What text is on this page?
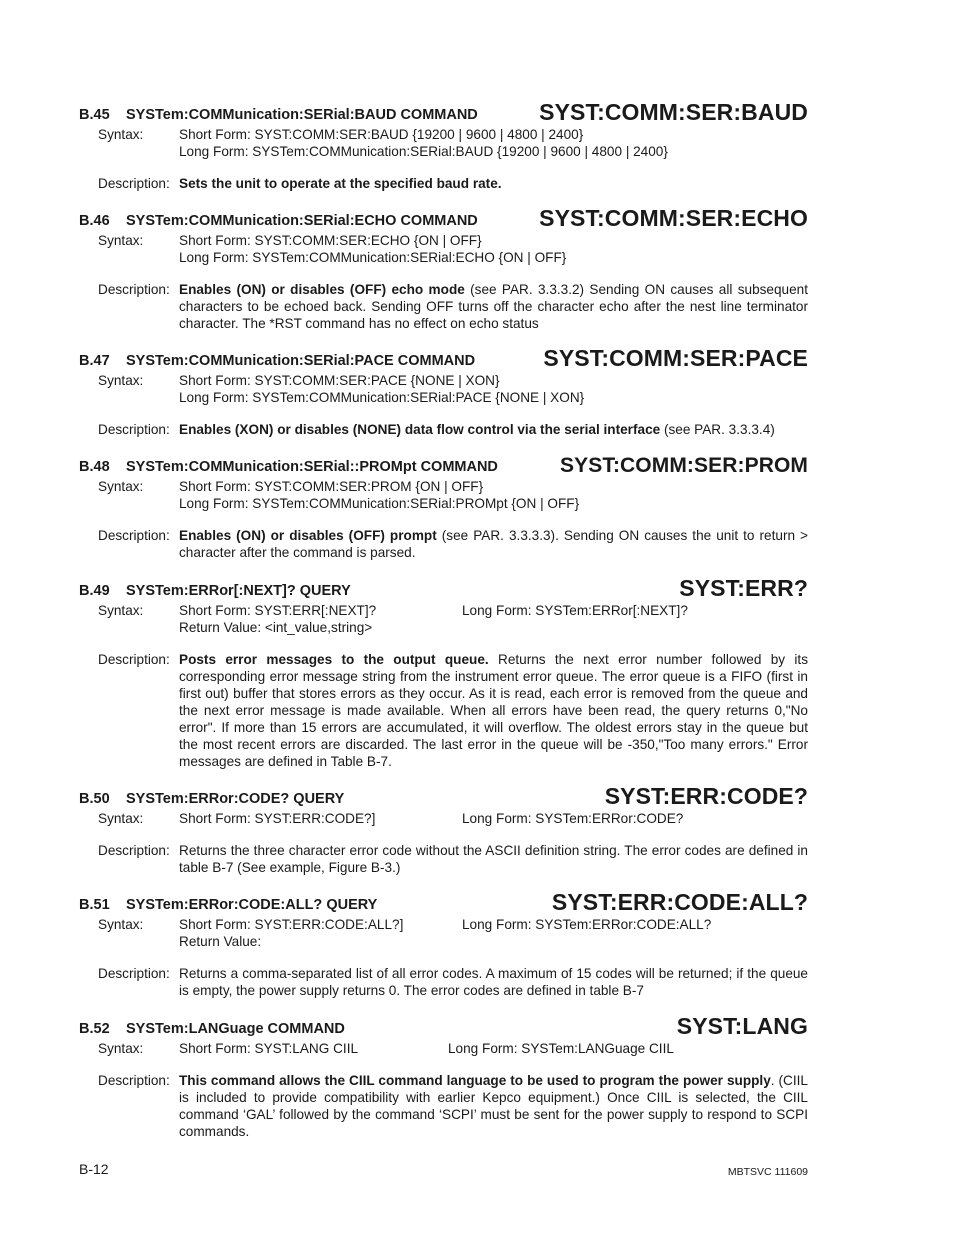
B.45 SYSTem:COMMunication:SERial:BAUD COMMAND	SYST:COMM:SER:BAUD
Syntax:	Short Form: SYST:COMM:SER:BAUD {19200 | 9600 | 4800 | 2400}
Long Form: SYSTem:COMMunication:SERial:BAUD {19200 | 9600 | 4800 | 2400}
Description: Sets the unit to operate at the specified baud rate.
B.46 SYSTem:COMMunication:SERial:ECHO COMMAND	SYST:COMM:SER:ECHO
Syntax:	Short Form: SYST:COMM:SER:ECHO {ON | OFF}
Long Form: SYSTem:COMMunication:SERial:ECHO {ON | OFF}
Description: Enables (ON) or disables (OFF) echo mode (see PAR. 3.3.3.2) Sending ON causes all subsequent characters to be echoed back. Sending OFF turns off the character echo after the nest line terminator character. The *RST command has no effect on echo status
B.47 SYSTem:COMMunication:SERial:PACE COMMAND	SYST:COMM:SER:PACE
Syntax:	Short Form: SYST:COMM:SER:PACE {NONE | XON}
Long Form: SYSTem:COMMunication:SERial:PACE {NONE | XON}
Description: Enables (XON) or disables (NONE) data flow control via the serial interface (see PAR. 3.3.3.4)
B.48 SYSTem:COMMunication:SERial::PROMpt COMMAND	SYST:COMM:SER:PROM
Syntax:	Short Form: SYST:COMM:SER:PROM {ON | OFF}
Long Form: SYSTem:COMMunication:SERial:PROMpt {ON | OFF}
Description: Enables (ON) or disables (OFF) prompt (see PAR. 3.3.3.3). Sending ON causes the unit to return > character after the command is parsed.
B.49 SYSTem:ERRor[:NEXT]? QUERY	SYST:ERR?
Syntax:	Short Form: SYST:ERR[:NEXT]?	Long Form: SYSTem:ERRor[:NEXT]?
Return Value: <int_value,string>
Description: Posts error messages to the output queue. Returns the next error number followed by its corresponding error message string from the instrument error queue. The error queue is a FIFO (first in first out) buffer that stores errors as they occur. As it is read, each error is removed from the queue and the next error message is made available. When all errors have been read, the query returns 0,"No error". If more than 15 errors are accumulated, it will overflow. The oldest errors stay in the queue but the most recent errors are discarded. The last error in the queue will be -350,"Too many errors." Error messages are defined in Table B-7.
B.50 SYSTem:ERRor:CODE? QUERY	SYST:ERR:CODE?
Syntax:	Short Form: SYST:ERR:CODE?]	Long Form: SYSTem:ERRor:CODE?
Description: Returns the three character error code without the ASCII definition string. The error codes are defined in table B-7 (See example, Figure B-3.)
B.51 SYSTem:ERRor:CODE:ALL? QUERY	SYST:ERR:CODE:ALL?
Syntax:	Short Form: SYST:ERR:CODE:ALL?]	Long Form: SYSTem:ERRor:CODE:ALL?
Return Value:
Description: Returns a comma-separated list of all error codes. A maximum of 15 codes will be returned; if the queue is empty, the power supply returns 0. The error codes are defined in table B-7
B.52 SYSTem:LANGuage COMMAND	SYST:LANG
Syntax:	Short Form: SYST:LANG CIIL	Long Form: SYSTem:LANGuage CIIL
Description: This command allows the CIIL command language to be used to program the power supply. (CIIL is included to provide compatibility with earlier Kepco equipment.) Once CIIL is selected, the CIIL command ‘GAL’ followed by the command ‘SCPI’ must be sent for the power supply to respond to SCPI commands.
B-12	MBTSVC 111609
